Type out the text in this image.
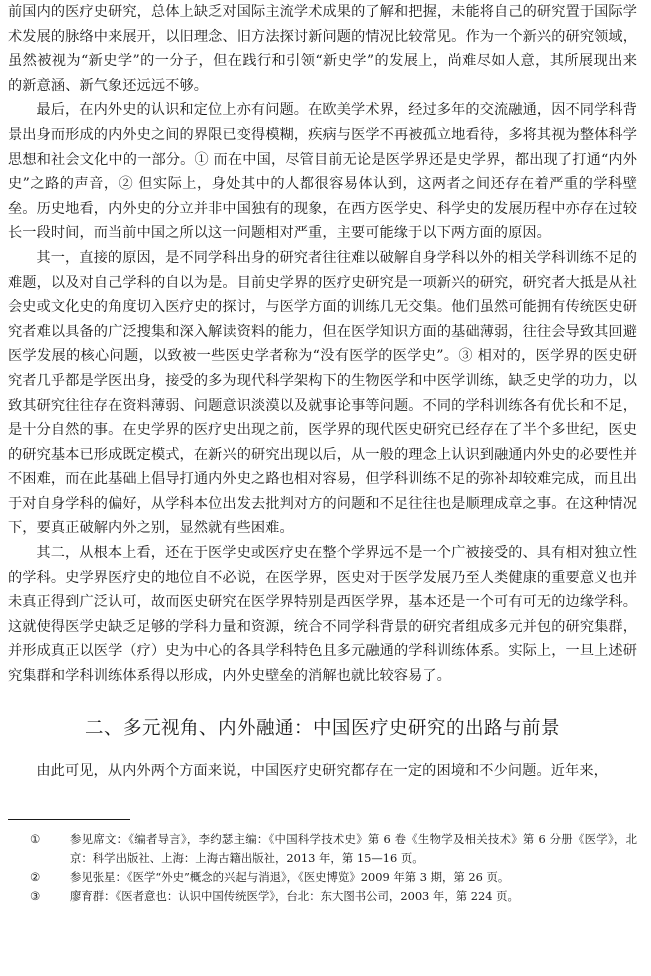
前国内的医疗史研究，总体上缺乏对国际主流学术成果的了解和把握，未能将自己的研究置于国际学术发展的脉络中来展开，以旧理念、旧方法探讨新问题的情况比较常见。作为一个新兴的研究领域，虽然被视为“新史学”的一分子，但在践行和引领“新史学”的发展上，尚难尽如人意，其所展现出来的新意涵、新气象还远远不够。

最后，在内外史的认识和定位上亦有问题。在欧美学术界，经过多年的交流融通，因不同学科背景出身而形成的内外史之间的界限已变得模糊，疾病与医学不再被孤立地看待，多将其视为整体科学思想和社会文化中的一部分。① 而在中国，尽管目前无论是医学界还是史学界，都出现了打通“内外史”之路的声音，② 但实际上，身处其中的人都很容易体认到，这两者之间还存在着严重的学科壁垒。历史地看，内外史的分立并非中国独有的现象，在西方医学史、科学史的发展历程中亦存在过较长一段时间，而当前中国之所以这一问题相对严重，主要可能缘于以下两方面的原因。

其一，直接的原因，是不同学科出身的研究者往往难以破解自身学科以外的相关学科训练不足的难题，以及对自己学科的自以为是。目前史学界的医疗史研究是一项新兴的研究，研究者大抵是从社会史或文化史的角度切入医疗史的探讨，与医学方面的训练几无交集。他们虽然可能拥有传统医史研究者难以具备的广泛搜集和深入解读资料的能力，但在医学知识方面的基础薄弱，往往会导致其回避医学发展的核心问题，以致被一些医史学者称为“没有医学的医学史”。③ 相对的，医学界的医史研究者几乎都是学医出身，接受的多为现代科学架构下的生物医学和中医学训练，缺乏史学的功力，以致其研究往往存在资料薄弱、问题意识淡漠以及就事论事等问题。不同的学科训练各有优长和不足，是十分自然的事。在史学界的医疗史出现之前，医学界的现代医史研究已经存在了半个多世纪，医史的研究基本已形成既定模式，在新兴的研究出现以后，从一般的理念上认识到融通内外史的必要性并不困难，而在此基础上倡导打通内外史之路也相对容易，但学科训练不足的弥补却较难完成，而且出于对自身学科的偏好，从学科本位出发去批判对方的问题和不足往往也是顺理成章之事。在这种情况下，要真正破解内外之别，显然就有些困难。

其二，从根本上看，还在于医学史或医疗史在整个学界远不是一个广被接受的、具有相对独立性的学科。史学界医疗史的地位自不必说，在医学界，医史对于医学发展乃至人类健康的重要意义也并未真正得到广泛认可，故而医史研究在医学界特别是西医学界，基本还是一个可有可无的边缘学科。这就使得医学史缺乏足够的学科力量和资源，统合不同学科背景的研究者组成多元并包的研究集群，并形成真正以医学（疗）史为中心的各具学科特色且多元融通的学科训练体系。实际上，一旦上述研究集群和学科训练体系得以形成，内外史壁垒的消解也就比较容易了。

二、多元视角、内外融通：中国医疗史研究的出路与前景

由此可见，从内外两个方面来说，中国医疗史研究都存在一定的困境和不少问题。近年来，

①	参见席文：《编者导言》，李约瑟主编：《中国科学技术史》第 6 卷《生物学及相关技术》第 6 分册《医学》，北京：科学出版社、上海：上海古籍出版社，2013 年，第 15—16 页。
②	参见张星：《医学“外史”概念的兴起与消退》，《医史博览》2009 年第 3 期，第 26 页。
③	廖育群：《医者意也：认识中国传统医学》，台北：东大图书公司，2003 年，第 224 页。
